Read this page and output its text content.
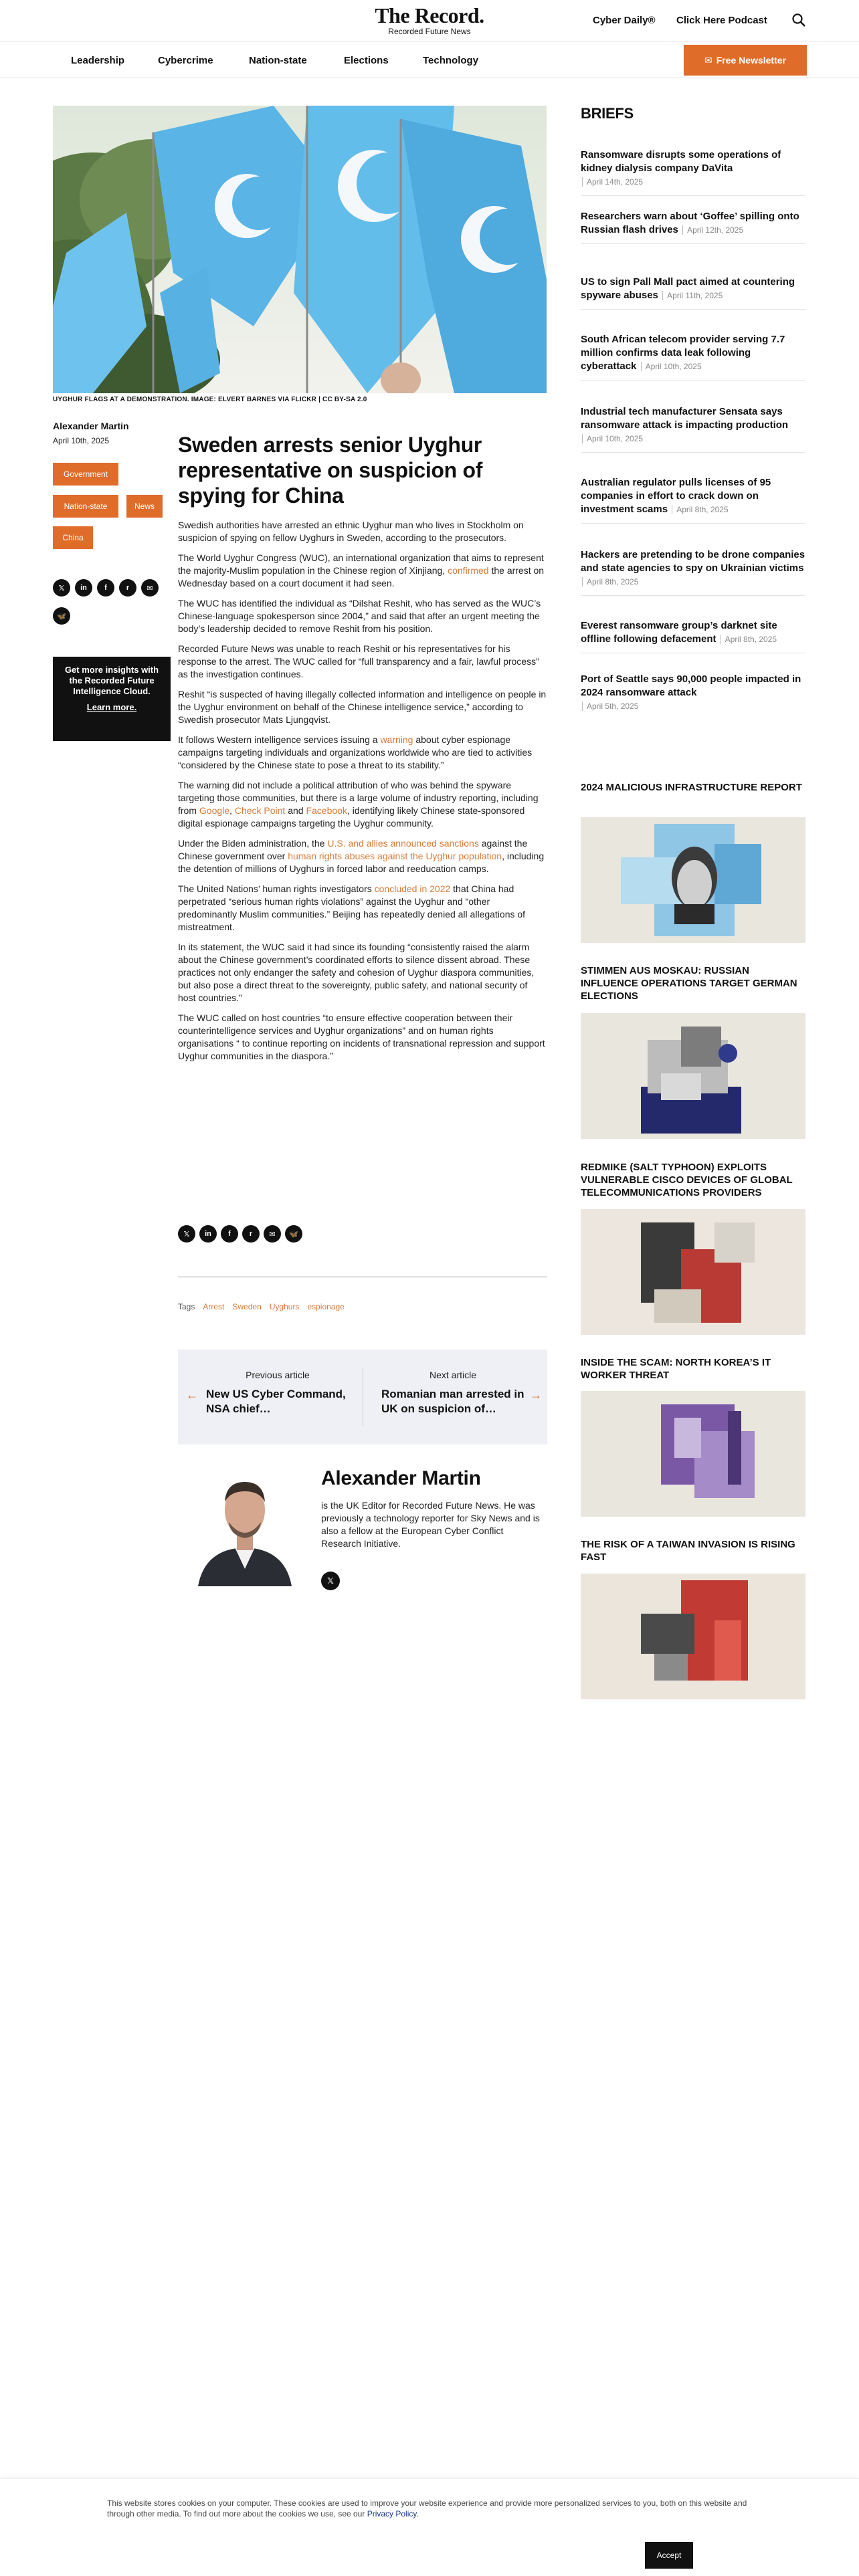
The Record.
Recorded Future News
Cyber Daily® Click Here Podcast
Leadership	Cybercrime	Nation-state	Elections	Technology	✉ Free Newsletter
UYGHUR FLAGS AT A DEMONSTRATION. IMAGE: ELVERT BARNES VIA FLICKR | CC BY-SA 2.0
Alexander Martin
April 10th, 2025
Government
Nation-state	News
China
𝕏	in	f	r	✉
🦋
Get more insights with the Recorded Future Intelligence Cloud.
Learn more.
Sweden arrests senior Uyghur representative on suspicion of spying for China

Swedish authorities have arrested an ethnic Uyghur man who lives in Stockholm on suspicion of spying on fellow Uyghurs in Sweden, according to the prosecutors.

The World Uyghur Congress (WUC), an international organization that aims to represent the majority-Muslim population in the Chinese region of Xinjiang, confirmed the arrest on Wednesday based on a court document it had seen.

The WUC has identified the individual as “Dilshat Reshit, who has served as the WUC’s Chinese-language spokesperson since 2004,” and said that after an urgent meeting the body’s leadership decided to remove Reshit from his position.

Recorded Future News was unable to reach Reshit or his representatives for his response to the arrest. The WUC called for “full transparency and a fair, lawful process” as the investigation continues.

Reshit “is suspected of having illegally collected information and intelligence on people in the Uyghur environment on behalf of the Chinese intelligence service,” according to Swedish prosecutor Mats Ljungqvist.

It follows Western intelligence services issuing a warning about cyber espionage campaigns targeting individuals and organizations worldwide who are tied to activities “considered by the Chinese state to pose a threat to its stability.”

The warning did not include a political attribution of who was behind the spyware targeting those communities, but there is a large volume of industry reporting, including from Google, Check Point and Facebook, identifying likely Chinese state-sponsored digital espionage campaigns targeting the Uyghur community.

Under the Biden administration, the U.S. and allies announced sanctions against the Chinese government over human rights abuses against the Uyghur population, including the detention of millions of Uyghurs in forced labor and reeducation camps.

The United Nations’ human rights investigators concluded in 2022 that China had perpetrated “serious human rights violations” against the Uyghur and “other predominantly Muslim communities.” Beijing has repeatedly denied all allegations of mistreatment.

In its statement, the WUC said it had since its founding “consistently raised the alarm about the Chinese government’s coordinated efforts to silence dissent abroad. These practices not only endanger the safety and cohesion of Uyghur diaspora communities, but also pose a direct threat to the sovereignty, public safety, and national security of host countries.”

The WUC called on host countries “to ensure effective cooperation between their counterintelligence services and Uyghur organizations” and on human rights organisations “ to continue reporting on incidents of transnational repression and support Uyghur communities in the diaspora.”

𝕏	in	f	r	✉	🦋
Tags Arrest Sweden Uyghurs espionage
←
Previous article
New US Cyber Command, NSA chief…
Next article
Romanian man arrested in UK on suspicion of…
→
Alexander Martin
is the UK Editor for Recorded Future News. He was previously a technology reporter for Sky News and is also a fellow at the European Cyber Conflict Research Initiative.
𝕏
BRIEFS
Ransomware disrupts some operations of kidney dialysis company DaVita
April 14th, 2025
Researchers warn about ‘Goffee’ spilling onto Russian flash drives April 12th, 2025
US to sign Pall Mall pact aimed at countering spyware abuses April 11th, 2025
South African telecom provider serving 7.7 million confirms data leak following cyberattack April 10th, 2025
Industrial tech manufacturer Sensata says ransomware attack is impacting production
April 10th, 2025
Australian regulator pulls licenses of 95 companies in effort to crack down on investment scams April 8th, 2025
Hackers are pretending to be drone companies and state agencies to spy on Ukrainian victims April 8th, 2025
Everest ransomware group’s darknet site offline following defacement April 8th, 2025
Port of Seattle says 90,000 people impacted in 2024 ransomware attack
April 5th, 2025
2024 MALICIOUS INFRASTRUCTURE REPORT
STIMMEN AUS MOSKAU: RUSSIAN INFLUENCE OPERATIONS TARGET GERMAN ELECTIONS
REDMIKE (SALT TYPHOON) EXPLOITS VULNERABLE CISCO DEVICES OF GLOBAL TELECOMMUNICATIONS PROVIDERS
INSIDE THE SCAM: NORTH KOREA’S IT WORKER THREAT
THE RISK OF A TAIWAN INVASION IS RISING FAST
This website stores cookies on your computer. These cookies are used to improve your website experience and provide more personalized services to you, both on this website and through other media. To find out more about the cookies we use, see our Privacy Policy.
Accept
